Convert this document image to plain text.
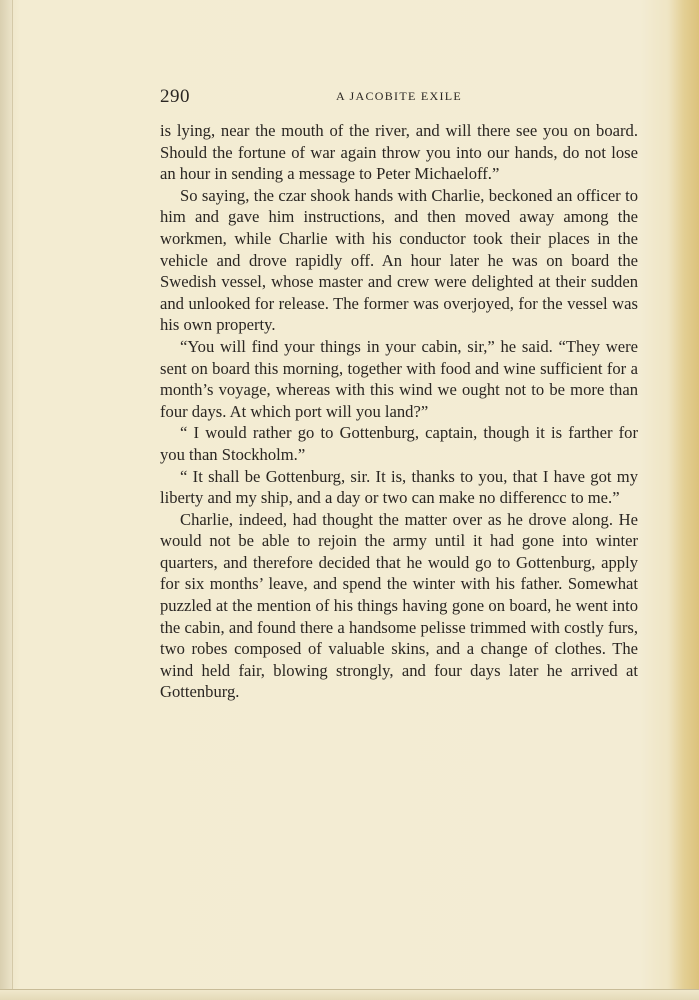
290	A JACOBITE EXILE

is lying, near the mouth of the river, and will there see you on board. Should the fortune of war again throw you into our hands, do not lose an hour in sending a message to Peter Michaeloff.”

So saying, the czar shook hands with Charlie, beckoned an officer to him and gave him instructions, and then moved away among the workmen, while Charlie with his conductor took their places in the vehicle and drove rapidly off. An hour later he was on board the Swedish vessel, whose master and crew were delighted at their sudden and unlooked for release. The former was overjoyed, for the vessel was his own property.

“You will find your things in your cabin, sir,” he said. “They were sent on board this morning, together with food and wine sufficient for a month’s voyage, whereas with this wind we ought not to be more than four days. At which port will you land?”

“ I would rather go to Gottenburg, captain, though it is farther for you than Stockholm.”

“ It shall be Gottenburg, sir. It is, thanks to you, that I have got my liberty and my ship, and a day or two can make no differencc to me.”

Charlie, indeed, had thought the matter over as he drove along. He would not be able to rejoin the army until it had gone into winter quarters, and therefore decided that he would go to Gottenburg, apply for six months’ leave, and spend the winter with his father. Somewhat puzzled at the mention of his things having gone on board, he went into the cabin, and found there a handsome pelisse trimmed with costly furs, two robes composed of valuable skins, and a change of clothes. The wind held fair, blowing strongly, and four days later he arrived at Gottenburg.
